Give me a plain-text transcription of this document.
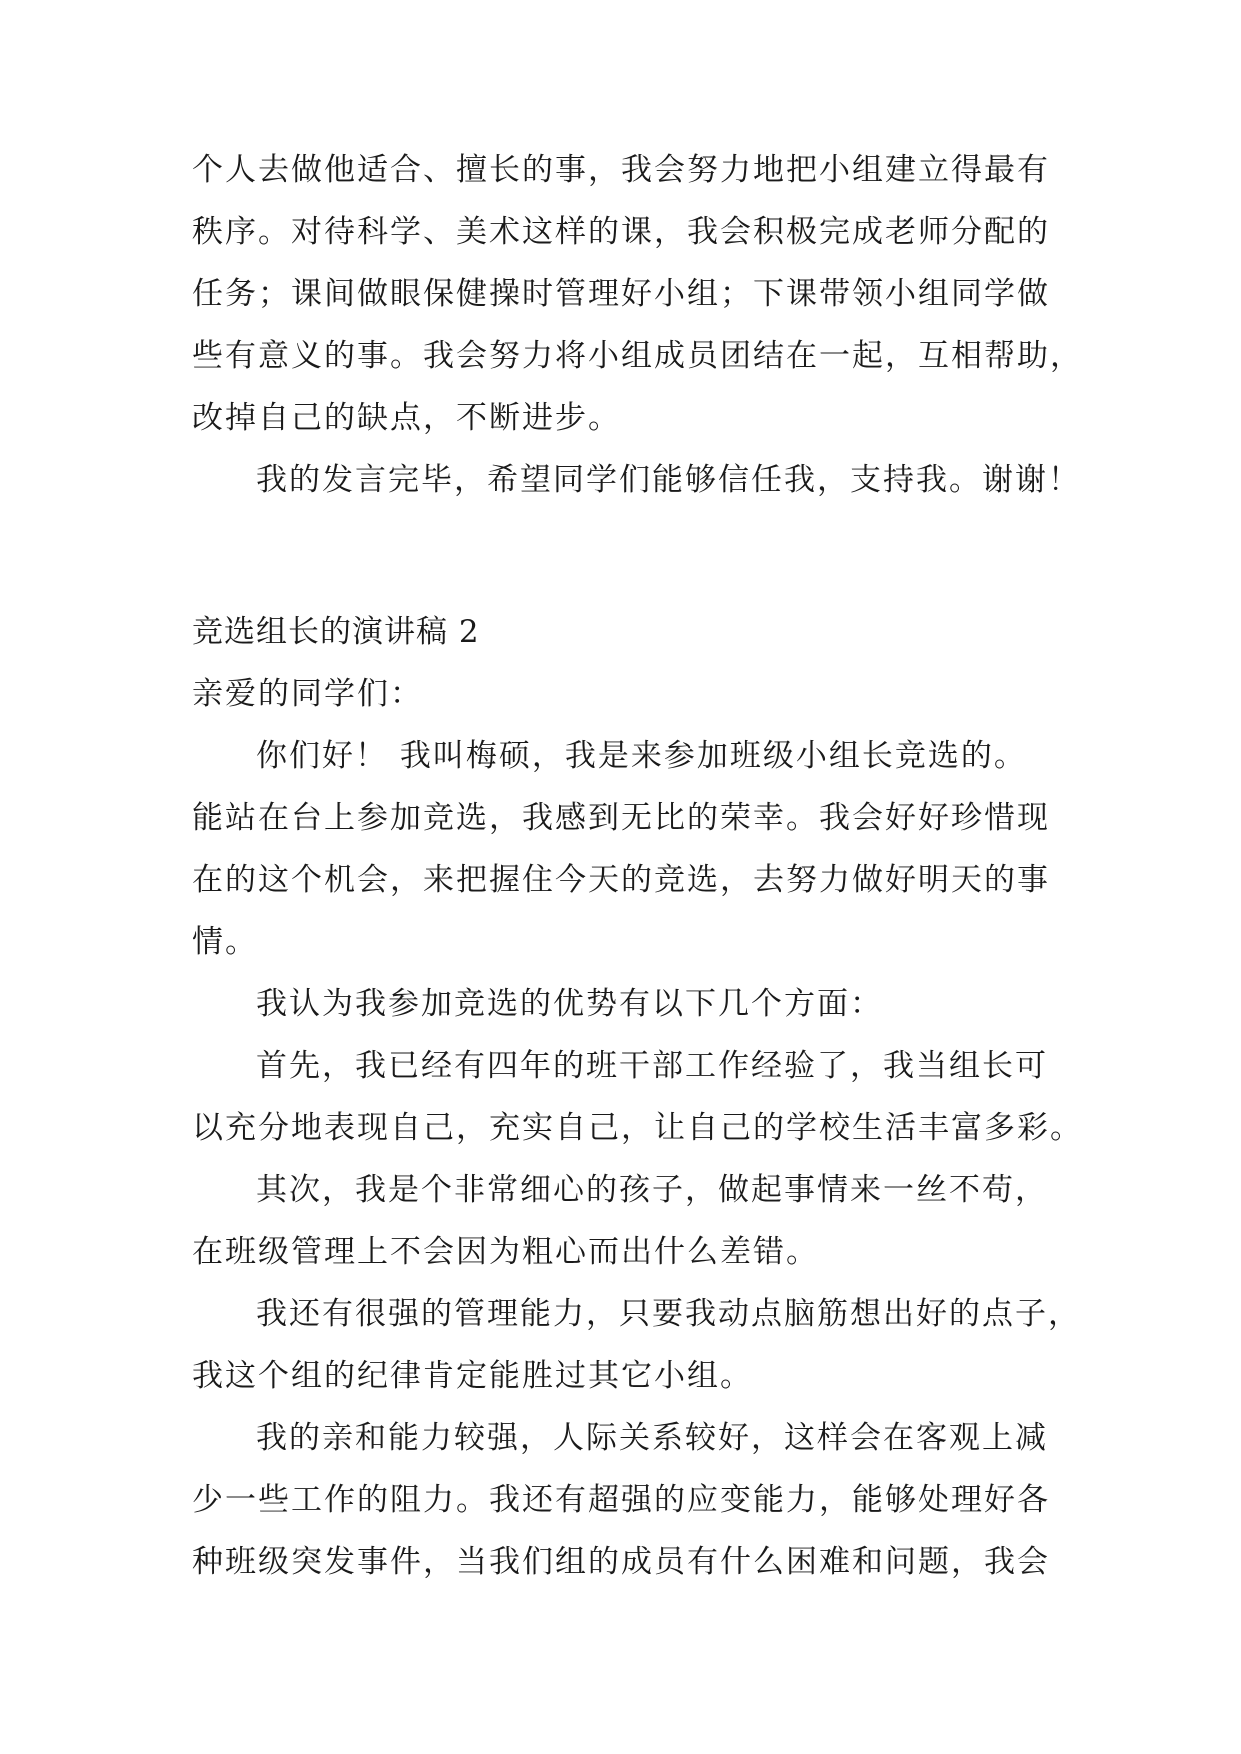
个人去做他适合、擅长的事，我会努力地把小组建立得最有
秩序。对待科学、美术这样的课，我会积极完成老师分配的
任务；课间做眼保健操时管理好小组；下课带领小组同学做
些有意义的事。我会努力将小组成员团结在一起，互相帮助，
改掉自己的缺点，不断进步。
我的发言完毕，希望同学们能够信任我，支持我。谢谢！
竞选组长的演讲稿 2
亲爱的同学们：
你们好！ 我叫梅硕，我是来参加班级小组长竞选的。
能站在台上参加竞选，我感到无比的荣幸。我会好好珍惜现
在的这个机会，来把握住今天的竞选，去努力做好明天的事
情。
我认为我参加竞选的优势有以下几个方面：
首先，我已经有四年的班干部工作经验了，我当组长可
以充分地表现自己，充实自己，让自己的学校生活丰富多彩。
其次，我是个非常细心的孩子，做起事情来一丝不苟，
在班级管理上不会因为粗心而出什么差错。
我还有很强的管理能力，只要我动点脑筋想出好的点子，
我这个组的纪律肯定能胜过其它小组。
我的亲和能力较强，人际关系较好，这样会在客观上减
少一些工作的阻力。我还有超强的应变能力，能够处理好各
种班级突发事件，当我们组的成员有什么困难和问题，我会
